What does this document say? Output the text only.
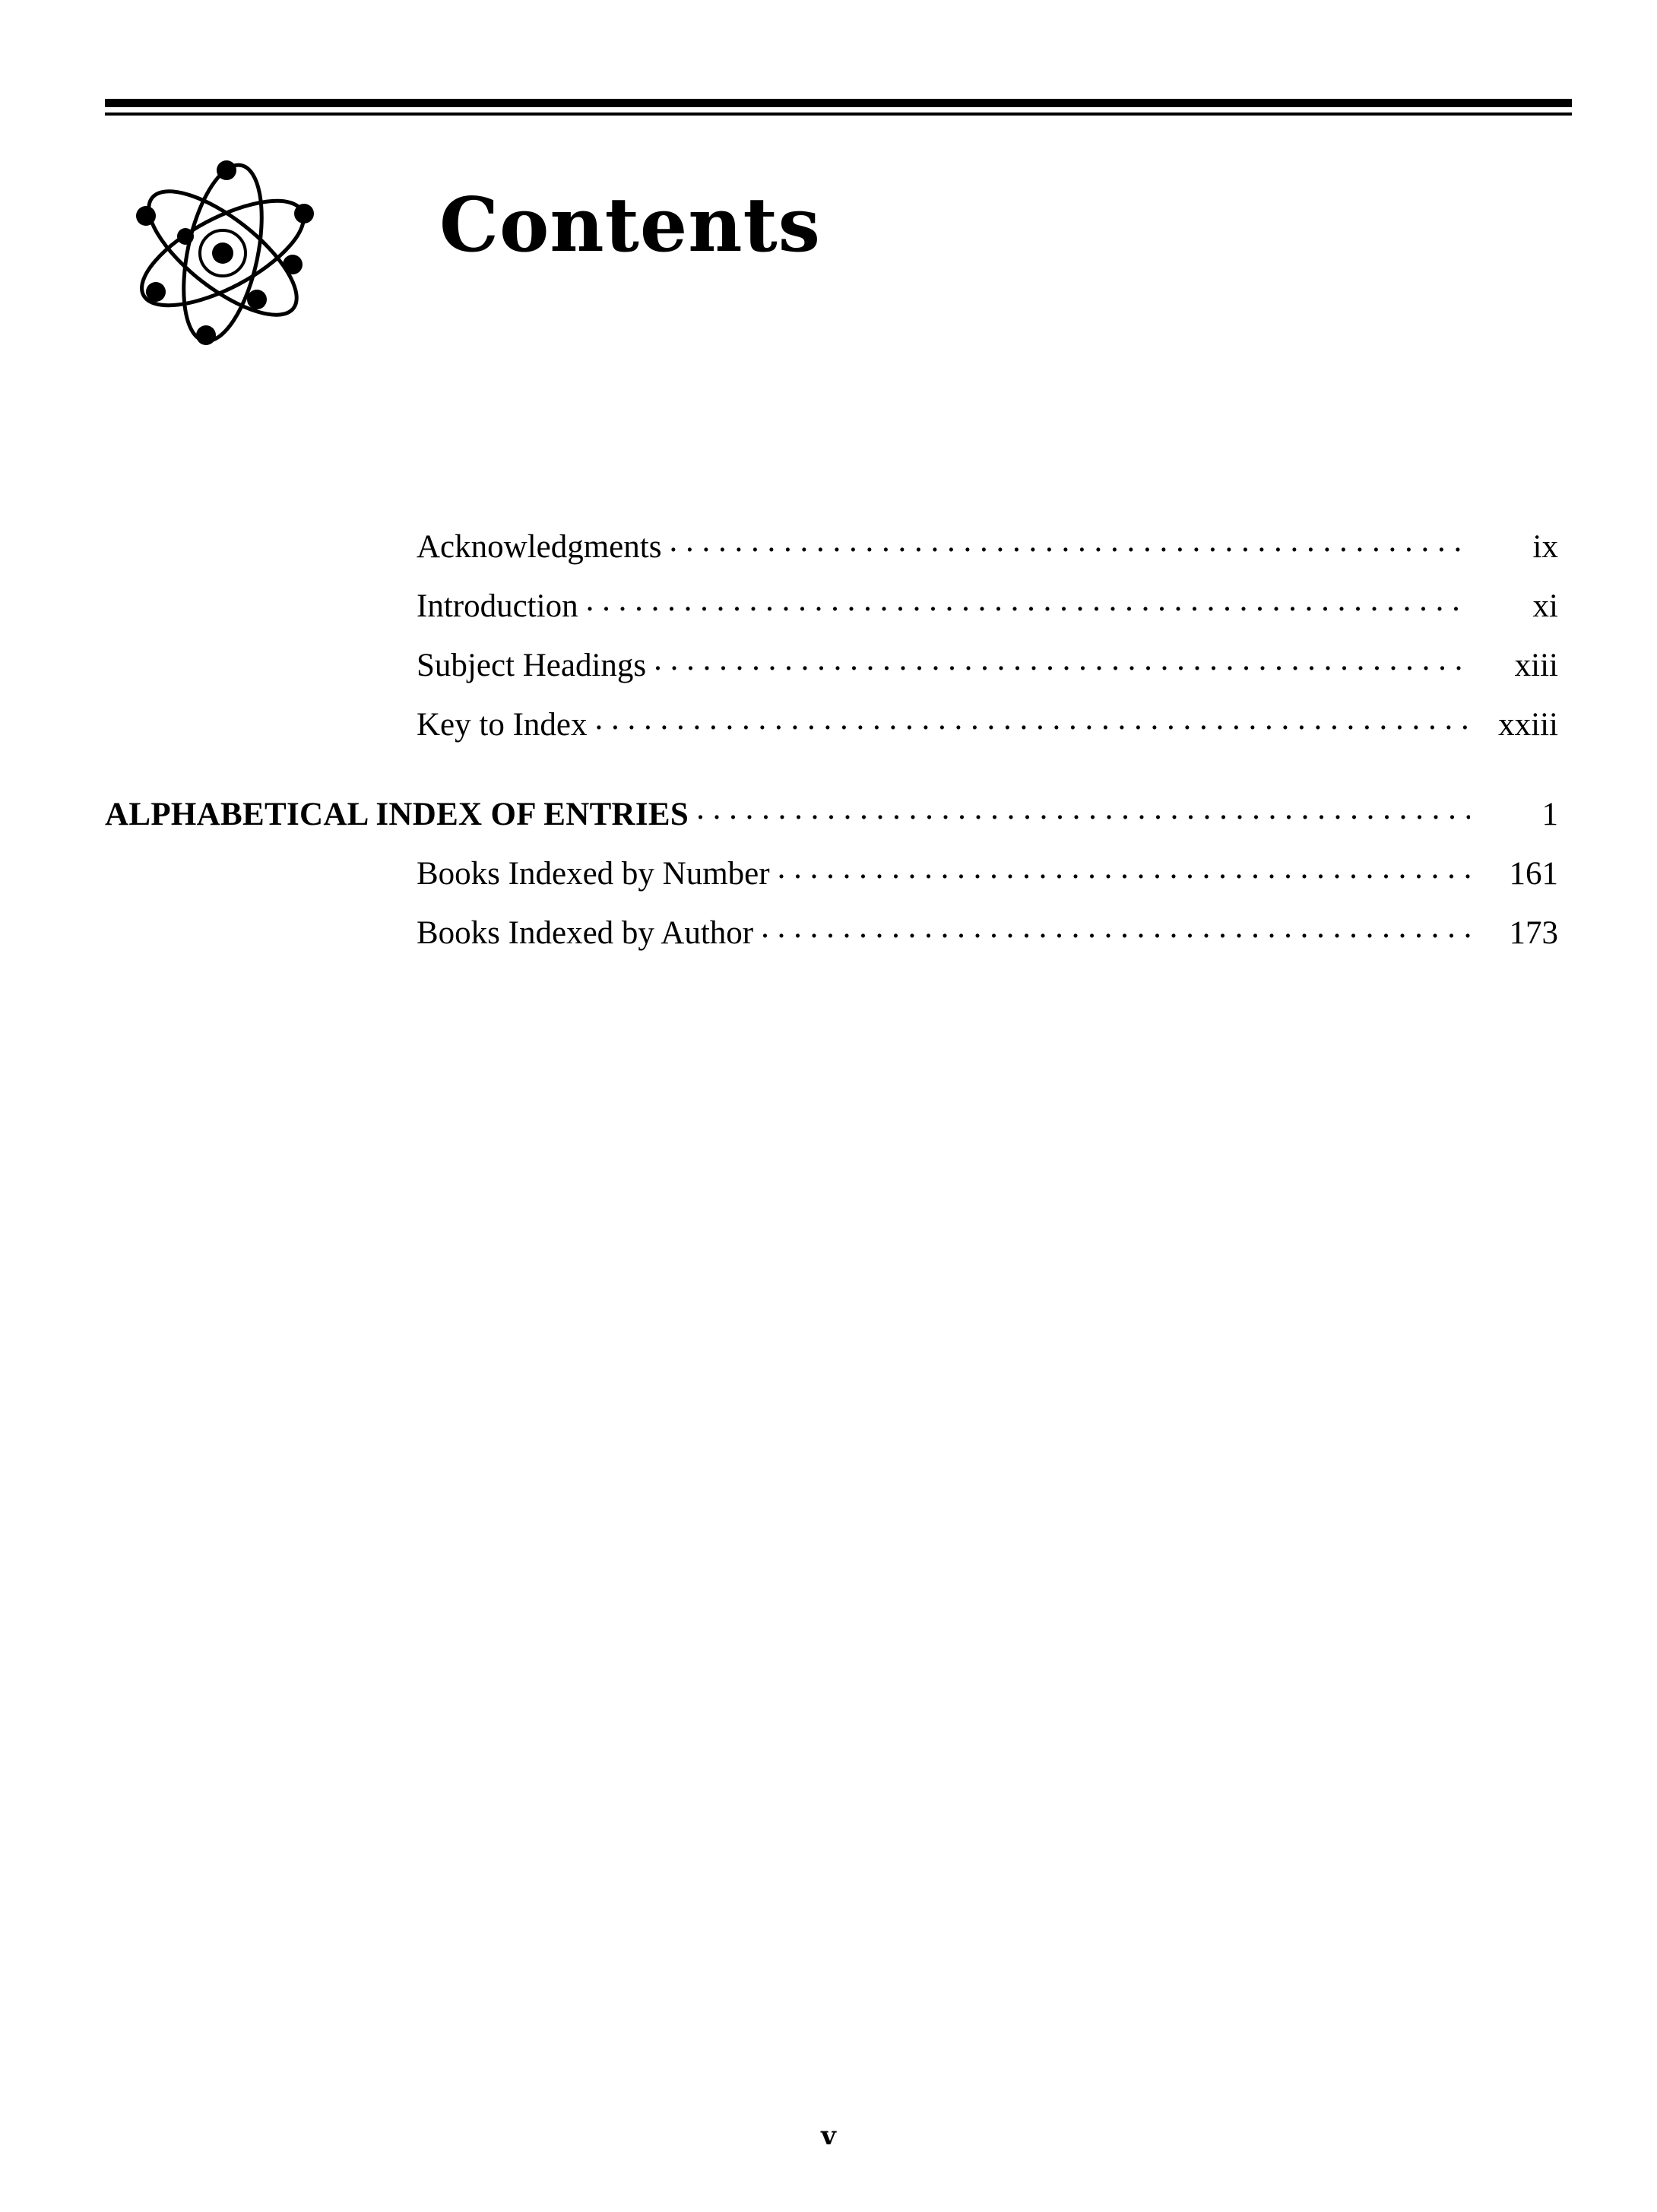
Contents
Acknowledgments . . .	ix
Introduction . . .	xi
Subject Headings . . .	xiii
Key to Index . . .	xxiii
ALPHABETICAL INDEX OF ENTRIES . . .	1
Books Indexed by Number . . .	161
Books Indexed by Author . . .	173
v
